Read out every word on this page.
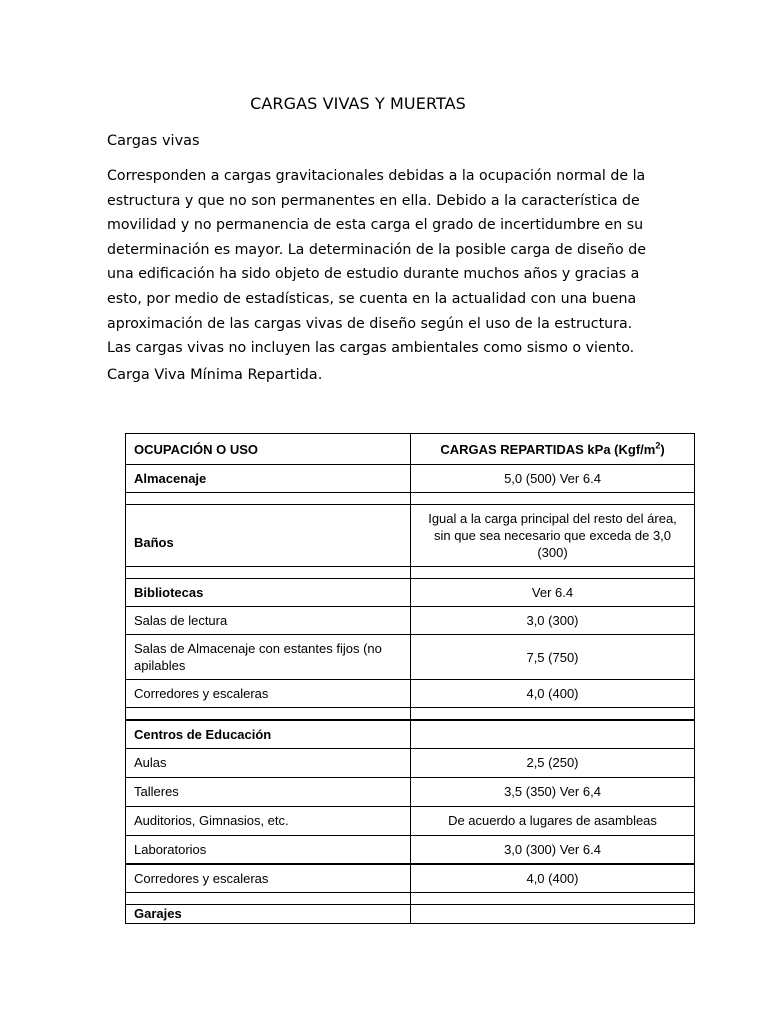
CARGAS VIVAS Y MUERTAS
Cargas vivas

Corresponden a cargas gravitacionales debidas a la ocupación normal de la estructura y que no son permanentes en ella. Debido a la característica de movilidad y no permanencia de esta carga el grado de incertidumbre en su determinación es mayor. La determinación de la posible carga de diseño de una edificación ha sido objeto de estudio durante muchos años y gracias a esto, por medio de estadísticas, se cuenta en la actualidad con una buena aproximación de las cargas vivas de diseño según el uso de la estructura. Las cargas vivas no incluyen las cargas ambientales como sismo o viento.

Carga Viva Mínima Repartida.
OCUPACIÓN O USO	CARGAS REPARTIDAS kPa $(Kgf/m^2)$
Almacenaje	5,0 (500) Ver 6.4

Baños	Igual a la carga principal del resto del área, sin que sea necesario que exceda de 3,0 (300)

Bibliotecas	Ver 6.4
Salas de lectura	3,0 (300)
Salas de Almacenaje con estantes fijos (no apilables	7,5 (750)
Corredores y escaleras	4,0 (400)

Centros de Educación	
Aulas	2,5 (250)
Talleres	3,5 (350) Ver 6,4
Auditorios, Gimnasios, etc.	De acuerdo a lugares de asambleas
Laboratorios	3,0 (300) Ver 6.4
Corredores y escaleras	4,0 (400)

Garajes	
